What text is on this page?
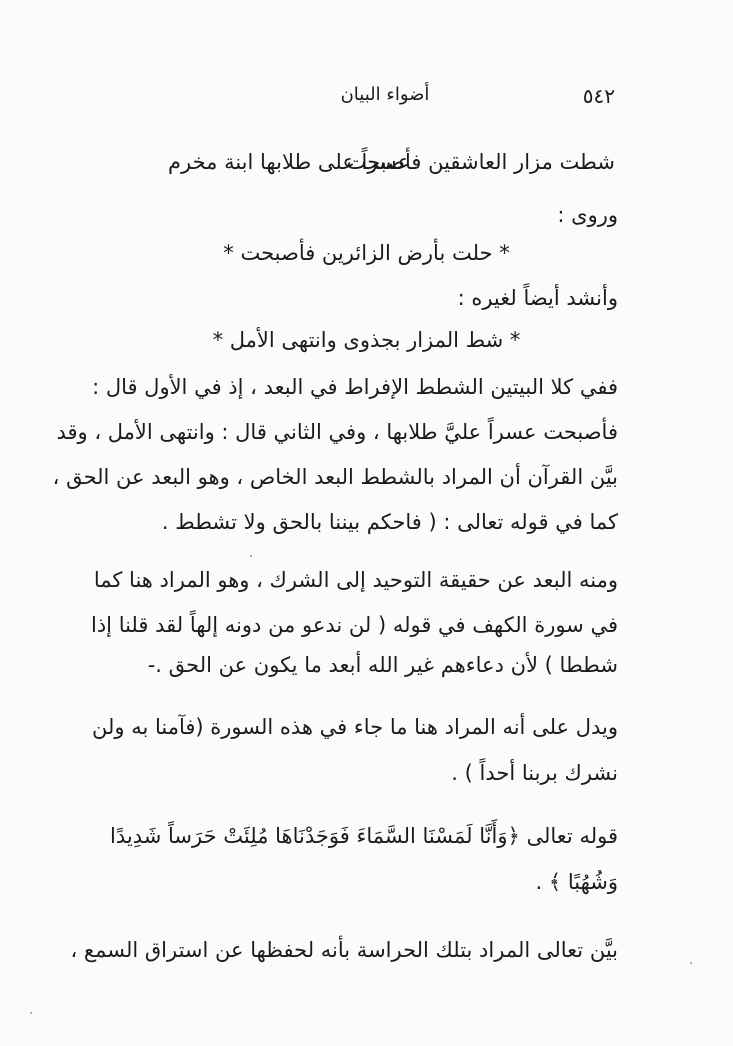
٥٤٢
أضواء البيان
شطت مزار العاشقين فأصبحت
عسراً على طلابها ابنة مخرم
وروى :
* حلت بأرض الزائرين فأصبحت *
وأنشد أيضاً لغيره :
* شط المزار بجذوى وانتهى الأمل *
ففي كلا البيتين الشطط الإفراط في البعد ، إذ في الأول قال :
فأصبحت عسراً عليَّ طلابها ، وفي الثاني قال : وانتهى الأمل ، وقد
بيَّن القرآن أن المراد بالشطط البعد الخاص ، وهو البعد عن الحق ،
كما في قوله تعالى : ( فاحكم بيننا بالحق ولا تشطط .
ومنه البعد عن حقيقة التوحيد إلى الشرك ، وهو المراد هنا كما
في سورة الكهف في قوله ( لن ندعو من دونه إلهاً لقد قلنا إذا
شططا ) لأن دعاءهم غير الله أبعد ما يكون عن الحق .-
ويدل على أنه المراد هنا ما جاء في هذه السورة (فآمنا به ولن
نشرك بربنا أحداً ) .
قوله تعالى ﴿وَأَنَّا لَمَسْنَا السَّمَاءَ فَوَجَدْنَاهَا مُلِئَتْ حَرَساً شَدِيدًا
وَشُهُبًا ﴾ .
بيَّن تعالى المراد بتلك الحراسة بأنه لحفظها عن استراق السمع ،
